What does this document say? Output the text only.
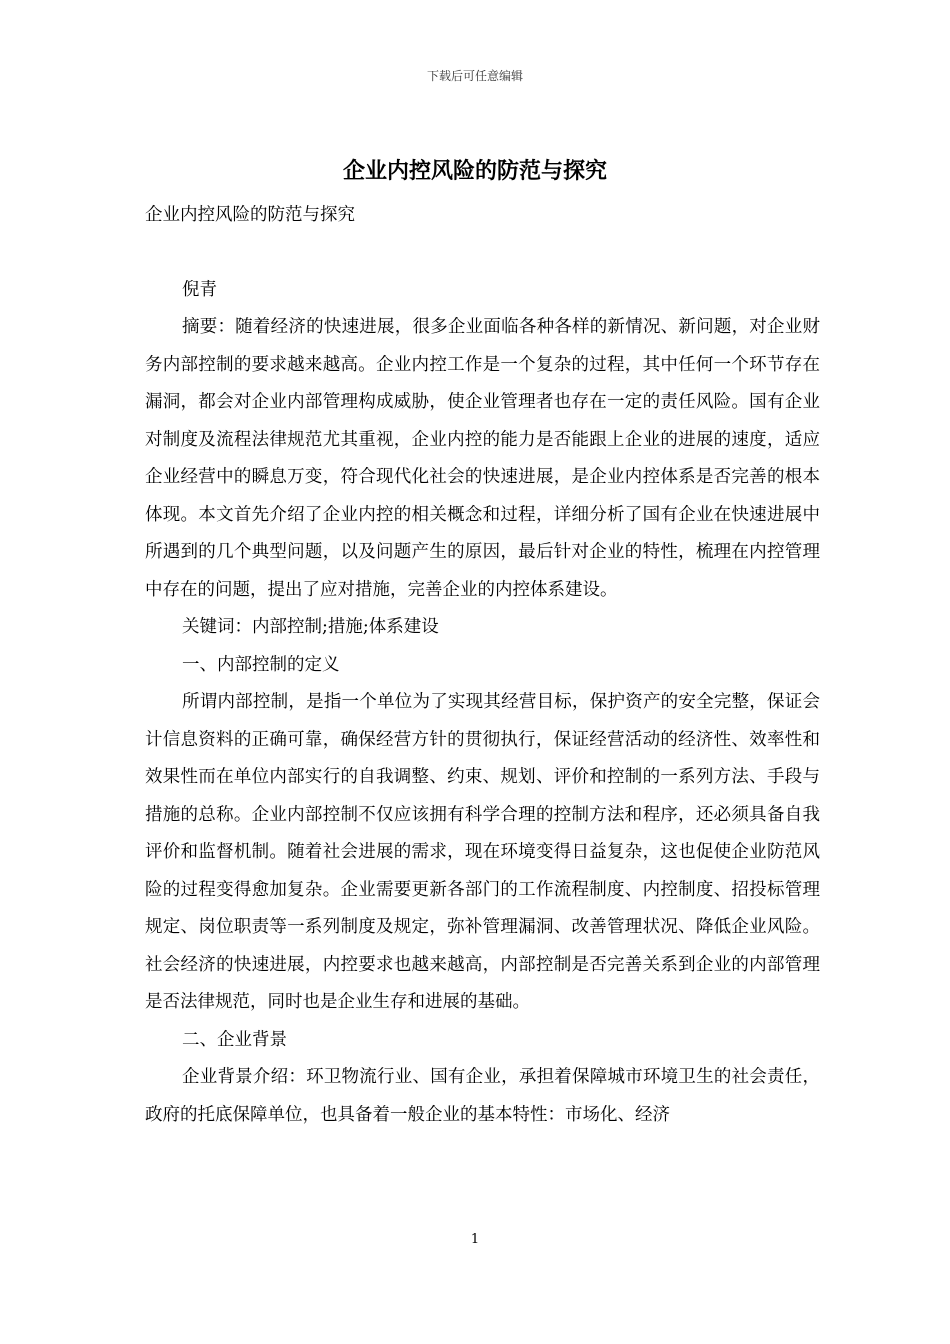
下载后可任意编辑
企业内控风险的防范与探究

企业内控风险的防范与探究

倪青

摘要：随着经济的快速进展，很多企业面临各种各样的新情况、新问题，对企业财务内部控制的要求越来越高。企业内控工作是一个复杂的过程，其中任何一个环节存在漏洞，都会对企业内部管理构成威胁，使企业管理者也存在一定的责任风险。国有企业对制度及流程法律规范尤其重视，企业内控的能力是否能跟上企业的进展的速度，适应企业经营中的瞬息万变，符合现代化社会的快速进展，是企业内控体系是否完善的根本体现。本文首先介绍了企业内控的相关概念和过程，详细分析了国有企业在快速进展中所遇到的几个典型问题，以及问题产生的原因，最后针对企业的特性，梳理在内控管理中存在的问题，提出了应对措施，完善企业的内控体系建设。

关键词：内部控制;措施;体系建设

一、内部控制的定义

所谓内部控制，是指一个单位为了实现其经营目标，保护资产的安全完整，保证会计信息资料的正确可靠，确保经营方针的贯彻执行，保证经营活动的经济性、效率性和效果性而在单位内部实行的自我调整、约束、规划、评价和控制的一系列方法、手段与措施的总称。企业内部控制不仅应该拥有科学合理的控制方法和程序，还必须具备自我评价和监督机制。随着社会进展的需求，现在环境变得日益复杂，这也促使企业防范风险的过程变得愈加复杂。企业需要更新各部门的工作流程制度、内控制度、招投标管理规定、岗位职责等一系列制度及规定，弥补管理漏洞、改善管理状况、降低企业风险。社会经济的快速进展，内控要求也越来越高，内部控制是否完善关系到企业的内部管理是否法律规范，同时也是企业生存和进展的基础。

二、企业背景

企业背景介绍：环卫物流行业、国有企业，承担着保障城市环境卫生的社会责任，政府的托底保障单位，也具备着一般企业的基本特性：市场化、经济

1
